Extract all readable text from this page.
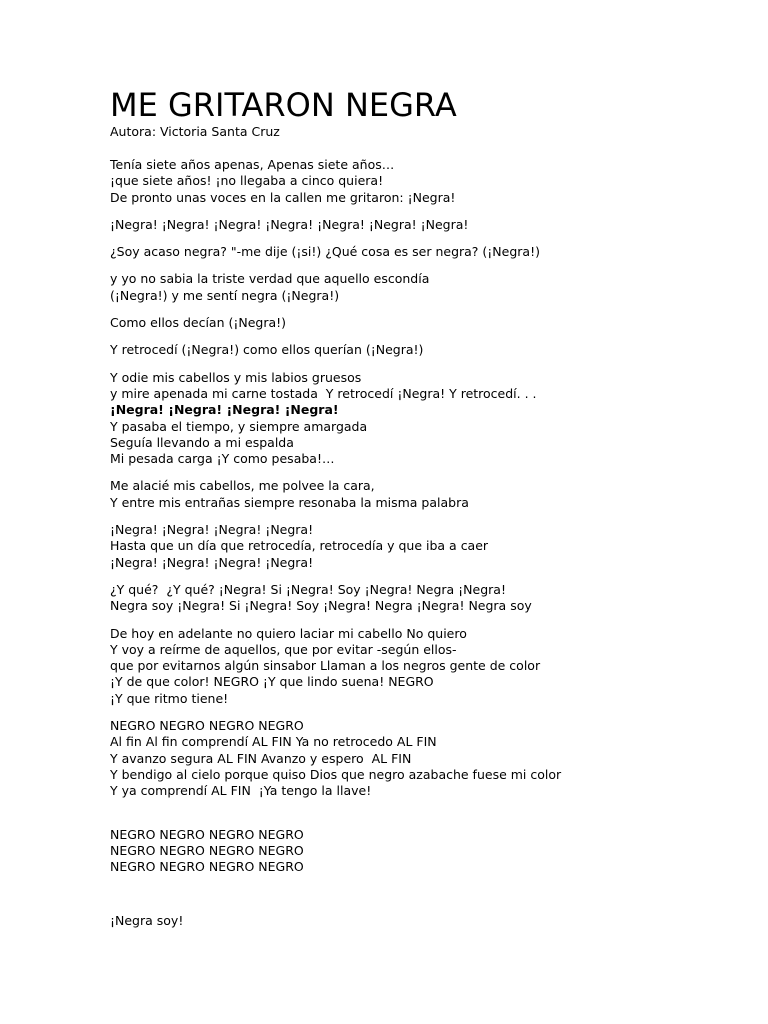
ME GRITARON NEGRA

Autora: Victoria Santa Cruz

Tenía siete años apenas, Apenas siete años…
¡que siete años! ¡no llegaba a cinco quiera!
De pronto unas voces en la callen me gritaron: ¡Negra!
¡Negra! ¡Negra! ¡Negra! ¡Negra! ¡Negra! ¡Negra! ¡Negra!
¿Soy acaso negra? "-me dije (¡si!) ¿Qué cosa es ser negra? (¡Negra!)
y yo no sabia la triste verdad que aquello escondía
(¡Negra!) y me sentí negra (¡Negra!)
Como ellos decían (¡Negra!)
Y retrocedí (¡Negra!) como ellos querían (¡Negra!)
Y odie mis cabellos y mis labios gruesos
y mire apenada mi carne tostada  Y retrocedí ¡Negra! Y retrocedí. . .
¡Negra! ¡Negra! ¡Negra! ¡Negra!
Y pasaba el tiempo, y siempre amargada
Seguía llevando a mi espalda
Mi pesada carga ¡Y como pesaba!…
Me alacié mis cabellos, me polvee la cara,
Y entre mis entrañas siempre resonaba la misma palabra
¡Negra! ¡Negra! ¡Negra! ¡Negra!
Hasta que un día que retrocedía, retrocedía y que iba a caer
¡Negra! ¡Negra! ¡Negra! ¡Negra!
¿Y qué?  ¿Y qué? ¡Negra! Si ¡Negra! Soy ¡Negra! Negra ¡Negra!
Negra soy ¡Negra! Si ¡Negra! Soy ¡Negra! Negra ¡Negra! Negra soy
De hoy en adelante no quiero laciar mi cabello No quiero
Y voy a reírme de aquellos, que por evitar -según ellos-
que por evitarnos algún sinsabor Llaman a los negros gente de color
¡Y de que color! NEGRO ¡Y que lindo suena! NEGRO
¡Y que ritmo tiene!
NEGRO NEGRO NEGRO NEGRO
Al fin Al fin comprendí AL FIN Ya no retrocedo AL FIN
Y avanzo segura AL FIN Avanzo y espero  AL FIN
Y bendigo al cielo porque quiso Dios que negro azabache fuese mi color
Y ya comprendí AL FIN  ¡Ya tengo la llave!
NEGRO NEGRO NEGRO NEGRO
NEGRO NEGRO NEGRO NEGRO
NEGRO NEGRO NEGRO NEGRO
¡Negra soy!
